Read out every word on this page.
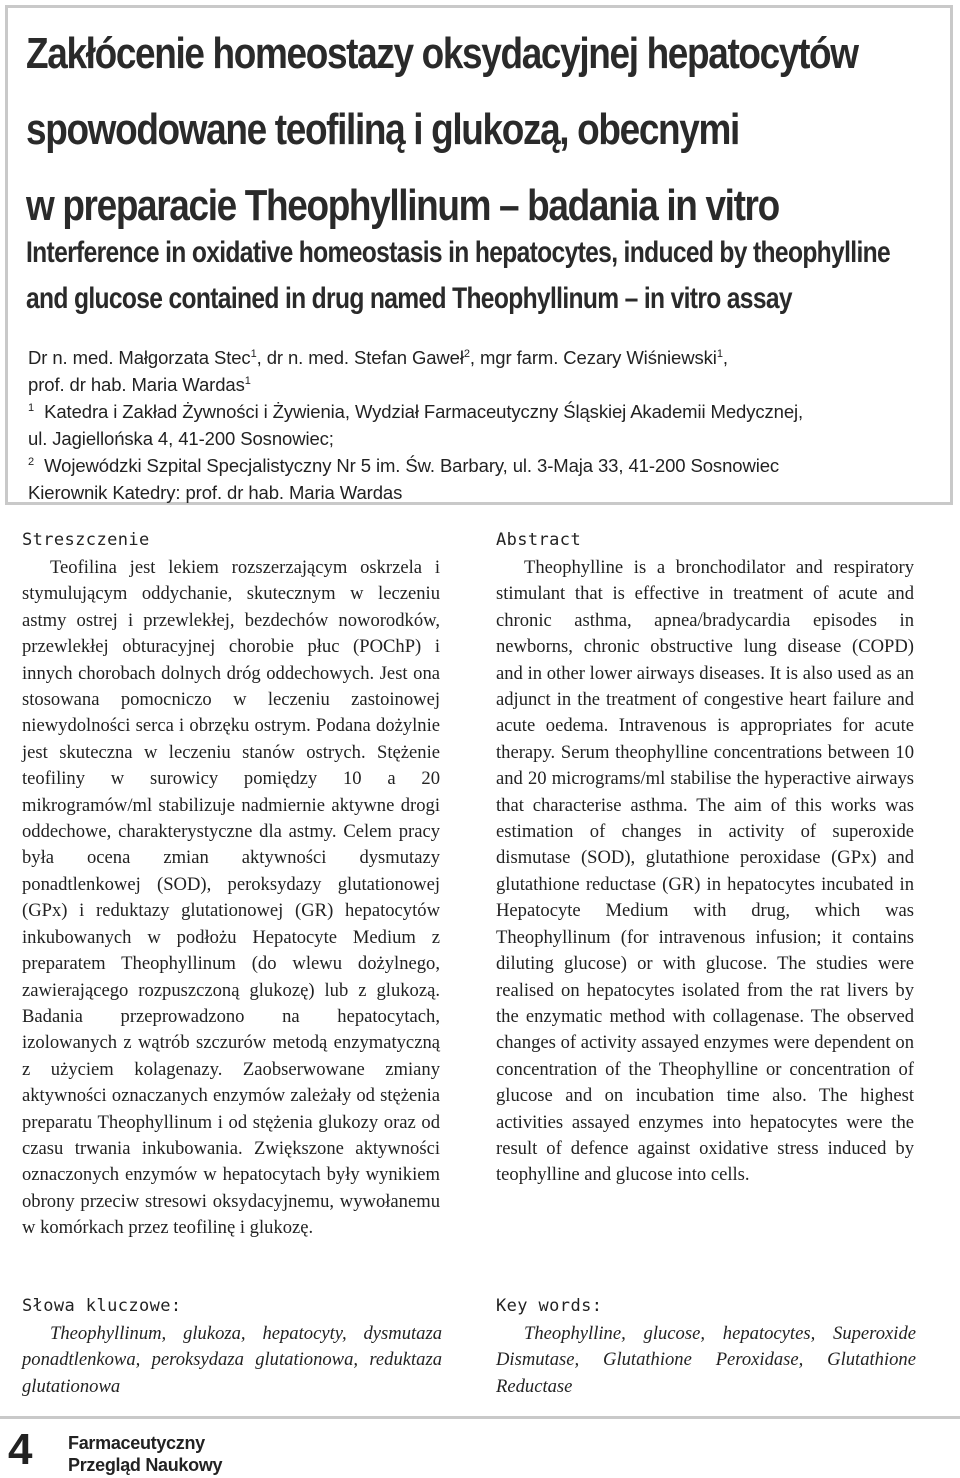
Zakłócenie homeostazy oksydacyjnej hepatocytów
spowodowane teofiliną i glukozą, obecnymi
w preparacie Theophyllinum – badania in vitro
Interference in oxidative homeostasis in hepatocytes, induced by theophylline
and glucose contained in drug named Theophyllinum – in vitro assay
Dr n. med. Małgorzata Stec$^1$, dr n. med. Stefan Gaweł$^2$, mgr farm. Cezary Wiśniewski$^1$,
prof. dr hab. Maria Wardas$^1$
$^1$ Katedra i Zakład Żywności i Żywienia, Wydział Farmaceutyczny Śląskiej Akademii Medycznej,
ul. Jagiellońska 4, 41-200 Sosnowiec;
$^2$ Wojewódzki Szpital Specjalistyczny Nr 5 im. Św. Barbary, ul. 3-Maja 33, 41-200 Sosnowiec
Kierownik Katedry: prof. dr hab. Maria Wardas
Streszczenie

Teofilina jest lekiem rozszerzającym oskrzela i stymulującym oddychanie, skutecznym w leczeniu astmy ostrej i przewlekłej, bezdechów noworodków, przewlekłej obturacyjnej chorobie płuc (POChP) i innych chorobach dolnych dróg oddechowych. Jest ona stosowana pomocniczo w leczeniu zastoinowej niewydolności serca i obrzęku ostrym. Podana dożylnie jest skuteczna w leczeniu stanów ostrych. Stężenie teofiliny w surowicy pomiędzy 10 a 20 mikrogramów/ml stabilizuje nadmiernie aktywne drogi oddechowe, charakterystyczne dla astmy. Celem pracy była ocena zmian aktywności dysmutazy ponadtlenkowej (SOD), peroksydazy glutationowej (GPx) i reduktazy glutationowej (GR) hepatocytów inkubowanych w podłożu Hepatocyte Medium z preparatem Theophyllinum (do wlewu dożylnego, zawierającego rozpuszczoną glukozę) lub z glukozą. Badania przeprowadzono na hepatocytach, izolowanych z wątrób szczurów metodą enzymatyczną z użyciem kolagenazy. Zaobserwowane zmiany aktywności oznaczanych enzymów zależały od stężenia preparatu Theophyllinum i od stężenia glukozy oraz od czasu trwania inkubowania. Zwiększone aktywności oznaczonych enzymów w hepatocytach były wynikiem obrony przeciw stresowi oksydacyjnemu, wywołanemu w komórkach przez teofilinę i glukozę.

Abstract

Theophylline is a bronchodilator and respiratory stimulant that is effective in treatment of acute and chronic asthma, apnea/bradycardia episodes in newborns, chronic obstructive lung disease (COPD) and in other lower airways diseases. It is also used as an adjunct in the treatment of congestive heart failure and acute oedema. Intravenous is appropriates for acute therapy. Serum theophylline concentrations between 10 and 20 micrograms/ml stabilise the hyperactive airways that characterise asthma. The aim of this works was estimation of changes in activity of superoxide dismutase (SOD), glutathione peroxidase (GPx) and glutathione reductase (GR) in hepatocytes incubated in Hepatocyte Medium with drug, which was Theophyllinum (for intravenous infusion; it contains diluting glucose) or with glucose. The studies were realised on hepatocytes isolated from the rat livers by the enzymatic method with collagenase. The observed changes of activity assayed enzymes were dependent on concentration of the Theophylline or concentration of glucose and on incubation time also. The highest activities assayed enzymes into hepatocytes were the result of defence against oxidative stress induced by teophylline and glucose into cells.

Słowa kluczowe:

Theophyllinum, glukoza, hepatocyty, dysmutaza ponadtlenkowa, peroksydaza glutationowa, reduktaza glutationowa

Key words:

Theophylline, glucose, hepatocytes, Superoxide Dismutase, Glutathione Peroxidase, Glutathione Reductase

4 Farmaceutyczny
Przegląd Naukowy
